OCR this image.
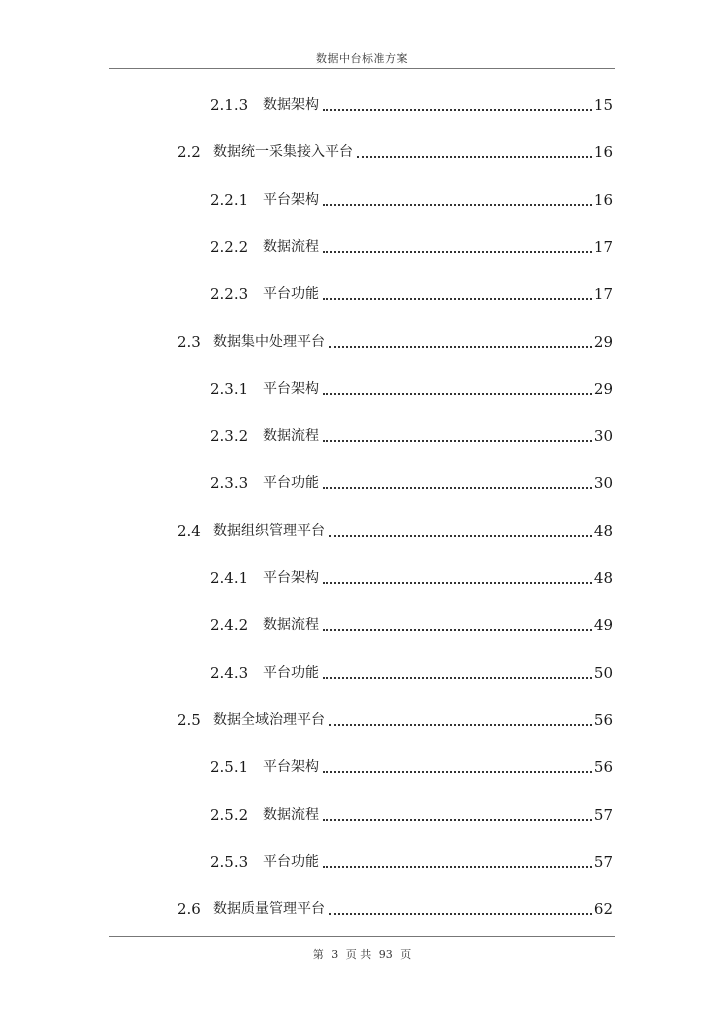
数据中台标准方案
2.1.3	数据架构	15
2.2 数据统一采集接入平台	16
2.2.1	平台架构	16
2.2.2	数据流程	17
2.2.3	平台功能	17
2.3 数据集中处理平台	29
2.3.1	平台架构	29
2.3.2	数据流程	30
2.3.3	平台功能	30
2.4 数据组织管理平台	48
2.4.1	平台架构	48
2.4.2	数据流程	49
2.4.3	平台功能	50
2.5 数据全域治理平台	56
2.5.1	平台架构	56
2.5.2	数据流程	57
2.5.3	平台功能	57
2.6 数据质量管理平台	62
第 3 页 共 93 页
